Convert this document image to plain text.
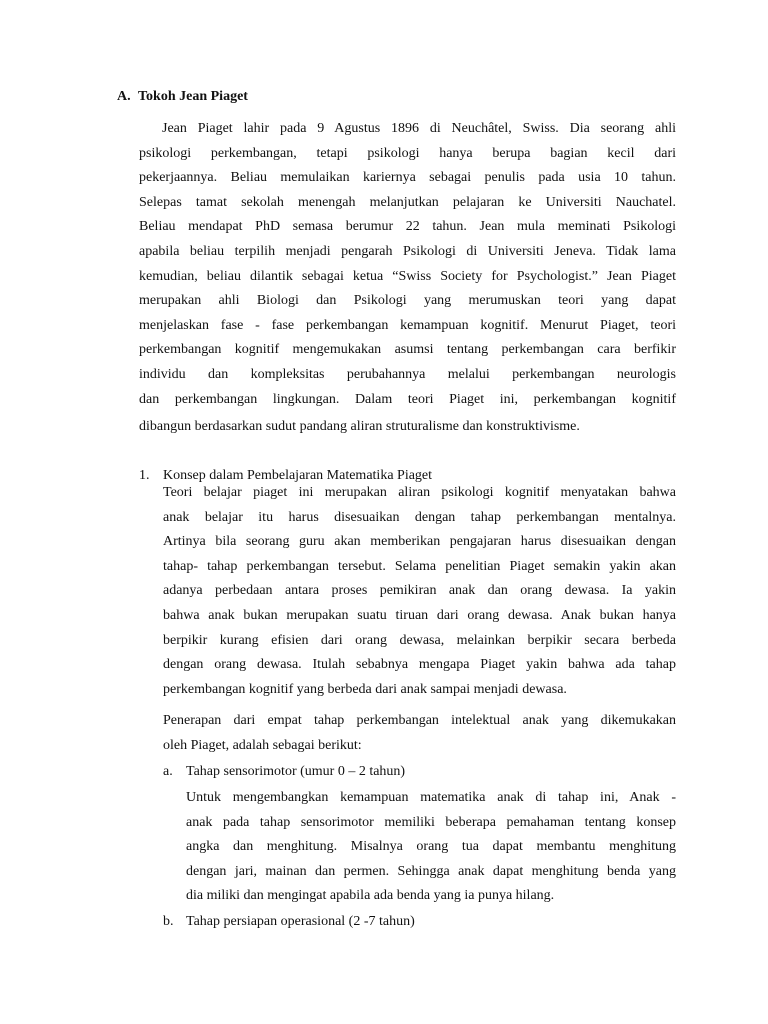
A. Tokoh Jean Piaget
Jean Piaget lahir pada 9 Agustus 1896 di Neuchâtel, Swiss. Dia seorang ahli
psikologi perkembangan, tetapi psikologi hanya berupa bagian kecil dari
pekerjaannya. Beliau memulaikan kariernya sebagai penulis pada usia 10 tahun.
Selepas tamat sekolah menengah melanjutkan pelajaran ke Universiti Nauchatel.
Beliau mendapat PhD semasa berumur 22 tahun. Jean mula meminati Psikologi
apabila beliau terpilih menjadi pengarah Psikologi di Universiti Jeneva. Tidak lama
kemudian, beliau dilantik sebagai ketua “Swiss Society for Psychologist.” Jean Piaget
merupakan ahli Biologi dan Psikologi yang merumuskan teori yang dapat
menjelaskan fase - fase perkembangan kemampuan kognitif. Menurut Piaget, teori
perkembangan kognitif mengemukakan asumsi tentang perkembangan cara berfikir
individu dan kompleksitas perubahannya melalui perkembangan neurologis
dan perkembangan lingkungan. Dalam teori Piaget ini, perkembangan kognitif
dibangun berdasarkan sudut pandang aliran struturalisme dan konstruktivisme.
1. Konsep dalam Pembelajaran Matematika Piaget
Teori belajar piaget ini merupakan aliran psikologi kognitif menyatakan bahwa
anak belajar itu harus disesuaikan dengan tahap perkembangan mentalnya.
Artinya bila seorang guru akan memberikan pengajaran harus disesuaikan dengan
tahap- tahap perkembangan tersebut. Selama penelitian Piaget semakin yakin akan
adanya perbedaan antara proses pemikiran anak dan orang dewasa. Ia yakin
bahwa anak bukan merupakan suatu tiruan dari orang dewasa. Anak bukan hanya
berpikir kurang efisien dari orang dewasa, melainkan berpikir secara berbeda
dengan orang dewasa. Itulah sebabnya mengapa Piaget yakin bahwa ada tahap
perkembangan kognitif yang berbeda dari anak sampai menjadi dewasa.
Penerapan dari empat tahap perkembangan intelektual anak yang dikemukakan
oleh Piaget, adalah sebagai berikut:
a. Tahap sensorimotor (umur 0 – 2 tahun)
Untuk mengembangkan kemampuan matematika anak di tahap ini, Anak -
anak pada tahap sensorimotor memiliki beberapa pemahaman tentang konsep
angka dan menghitung. Misalnya orang tua dapat membantu menghitung
dengan jari, mainan dan permen. Sehingga anak dapat menghitung benda yang
dia miliki dan mengingat apabila ada benda yang ia punya hilang.
b. Tahap persiapan operasional (2 -7 tahun)
